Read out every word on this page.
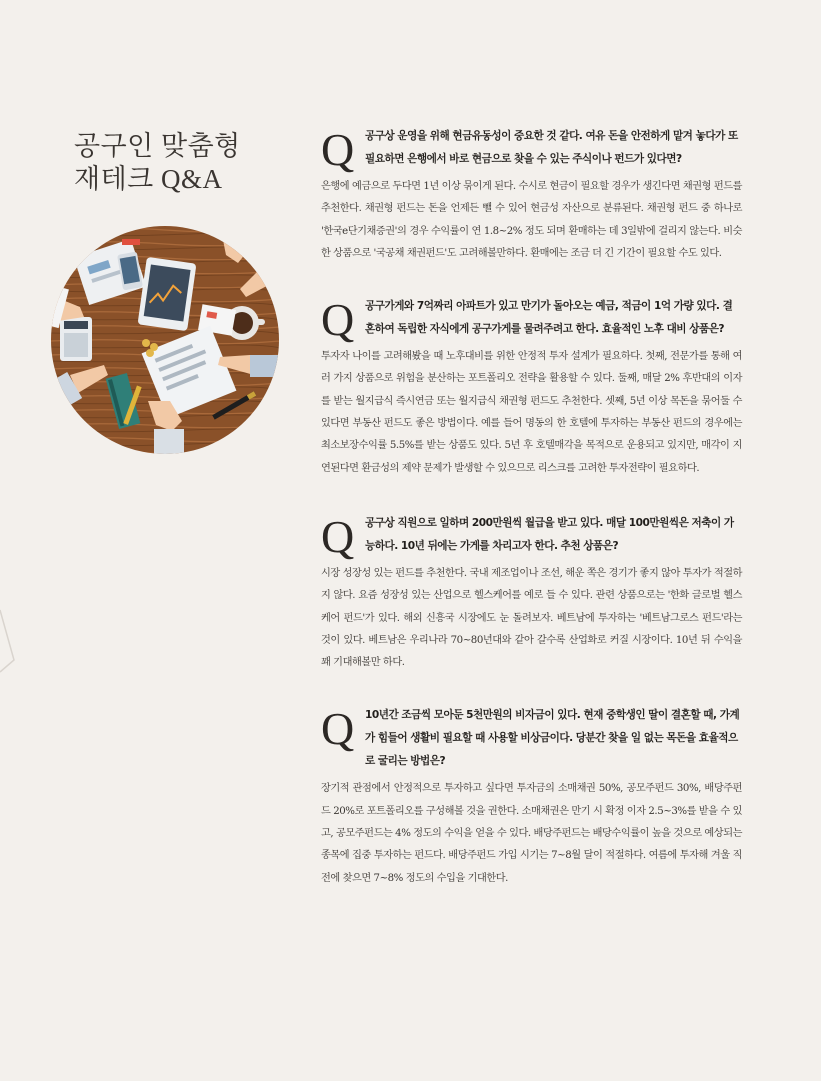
공구인 맞춤형
재테크 Q&A
Q 공구상 운영을 위해 현금유동성이 중요한 것 같다. 여유 돈을 안전하게 맡겨 놓다가 또 필요하면 은행에서 바로 현금으로 찾을 수 있는 주식이나 펀드가 있다면?
은행에 예금으로 두다면 1년 이상 묶이게 된다. 수시로 현금이 필요할 경우가 생긴다면 채권형 펀드를 추천한다. 채권형 펀드는 돈을 언제든 뺄 수 있어 현금성 자산으로 분류된다. 채권형 펀드 중 하나로 '한국e단기채증권'의 경우 수익률이 연 1.8~2% 정도 되며 환매하는 데 3일밖에 걸리지 않는다. 비슷한 상품으로 '국공채 채권펀드'도 고려해볼만하다. 환매에는 조금 더 긴 기간이 필요할 수도 있다.
Q 공구가게와 7억짜리 아파트가 있고 만기가 돌아오는 예금, 적금이 1억 가량 있다. 결혼하여 독립한 자식에게 공구가게를 물려주려고 한다. 효율적인 노후 대비 상품은?
투자자 나이를 고려해봤을 때 노후대비를 위한 안정적 투자 설계가 필요하다. 첫째, 전문가를 통해 여러 가지 상품으로 위험을 분산하는 포트폴리오 전략을 활용할 수 있다. 둘째, 매달 2% 후반대의 이자를 받는 월지급식 즉시연금 또는 월지급식 채권형 펀드도 추천한다. 셋째, 5년 이상 목돈을 묶어둘 수 있다면 부동산 펀드도 좋은 방법이다. 예를 들어 명동의 한 호텔에 투자하는 부동산 펀드의 경우에는 최소보장수익률 5.5%를 받는 상품도 있다. 5년 후 호텔매각을 목적으로 운용되고 있지만, 매각이 지연된다면 환금성의 제약 문제가 발생할 수 있으므로 리스크를 고려한 투자전략이 필요하다.
Q 공구상 직원으로 일하며 200만원씩 월급을 받고 있다. 매달 100만원씩은 저축이 가능하다. 10년 뒤에는 가게를 차리고자 한다. 추천 상품은?
시장 성장성 있는 펀드를 추천한다. 국내 제조업이나 조선, 해운 쪽은 경기가 좋지 않아 투자가 적절하지 않다. 요즘 성장성 있는 산업으로 헬스케어를 예로 들 수 있다. 관련 상품으로는 '한화 글로벌 헬스케어 펀드'가 있다. 해외 신흥국 시장에도 눈 돌려보자. 베트남에 투자하는 '베트남그로스 펀드'라는 것이 있다. 베트남은 우리나라 70~80년대와 같아 갈수록 산업화로 커질 시장이다. 10년 뒤 수익을 꽤 기대해볼만 하다.
Q 10년간 조금씩 모아둔 5천만원의 비자금이 있다. 현재 중학생인 딸이 결혼할 때, 가계가 힘들어 생활비 필요할 때 사용할 비상금이다. 당분간 찾을 일 없는 목돈을 효율적으로 굴리는 방법은?
장기적 관점에서 안정적으로 투자하고 싶다면 투자금의 소매채권 50%, 공모주펀드 30%, 배당주펀드 20%로 포트폴리오를 구성해볼 것을 권한다. 소매채권은 만기 시 확정 이자 2.5~3%를 받을 수 있고, 공모주펀드는 4% 정도의 수익을 얻을 수 있다. 배당주펀드는 배당수익률이 높을 것으로 예상되는 종목에 집중 투자하는 펀드다. 배당주펀드 가입 시기는 7~8월 달이 적절하다. 여름에 투자해 겨울 직전에 찾으면 7~8% 정도의 수입을 기대한다.
